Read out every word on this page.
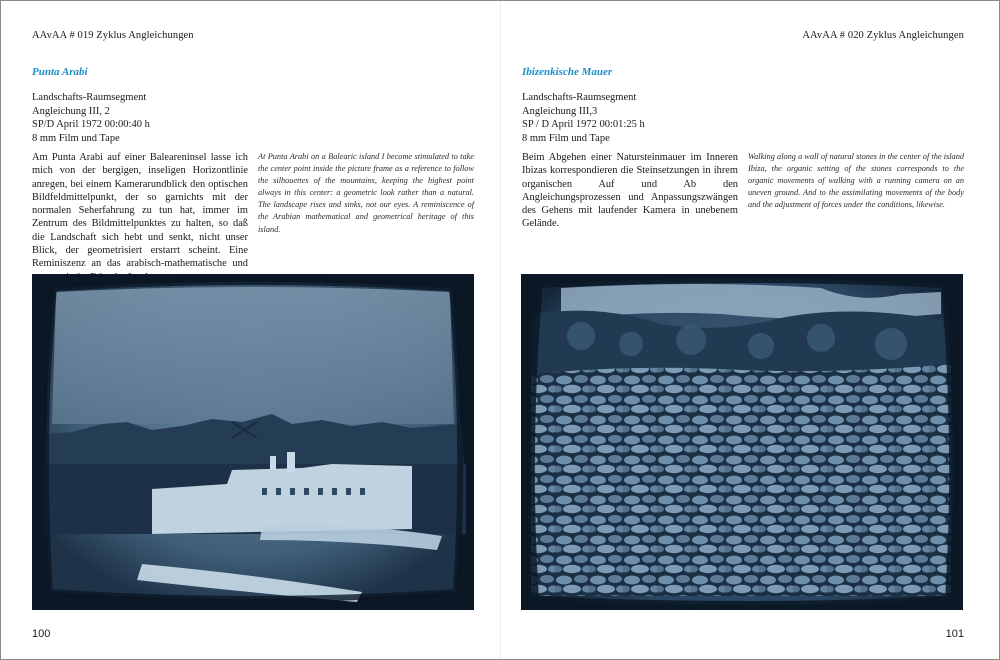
AAvAA # 019 Zyklus Angleichungen
Punta Arabi
Landschafts-Raumsegment
Angleichung III, 2
SP/D April 1972 00:00:40 h
8 mm Film und Tape
Am Punta Arabi auf einer Baleareninsel lasse ich mich von der bergigen, inseligen Horizontlinie anregen, bei einem Kamerarundblick den optischen Bildfeldmittelpunkt, der so garnichts mit der normalen Seherfahrung zu tun hat, immer im Zentrum des Bildmittelpunktes zu halten, so daß die Landschaft sich hebt und senkt, nicht unser Blick, der geometrisiert erstarrt scheint. Eine Reminiszenz an das arabisch-mathematische und
At Punta Arabi on a Balearic island I become stimulated to take the center point inside the picture frame as a reference to follow the silhouettes of the mountains, keeping the highest point always in this center: a geometric look rather than a natural. The landscape rises and sinks, not our eyes. A reminiscence of the Arabian mathematical and geometrical heritage of this island.
100
AAvAA # 020 Zyklus Angleichungen
Ibizenkische Mauer
Landschafts-Raumsegment
Angleichung III,3
SP / D April 1972 00:01:25 h
8 mm Film und Tape
Beim Abgehen einer Natursteinmauer im Inneren Ibizas korrespondieren die Steinsetzungen in ihrem organischen Auf und Ab den Angleichungsprozessen und Anpassungszwängen des Gehens mit laufender Kamera in unebenem Gelände.
Walking along a wall of natural stones in the center of the island Ibiza, the organic setting of the stones corresponds to the organic movements of walking with a running camera on an uneven ground. And to the assimilating movements of the body and the adjustment of forces under the conditions, likewise.
101
